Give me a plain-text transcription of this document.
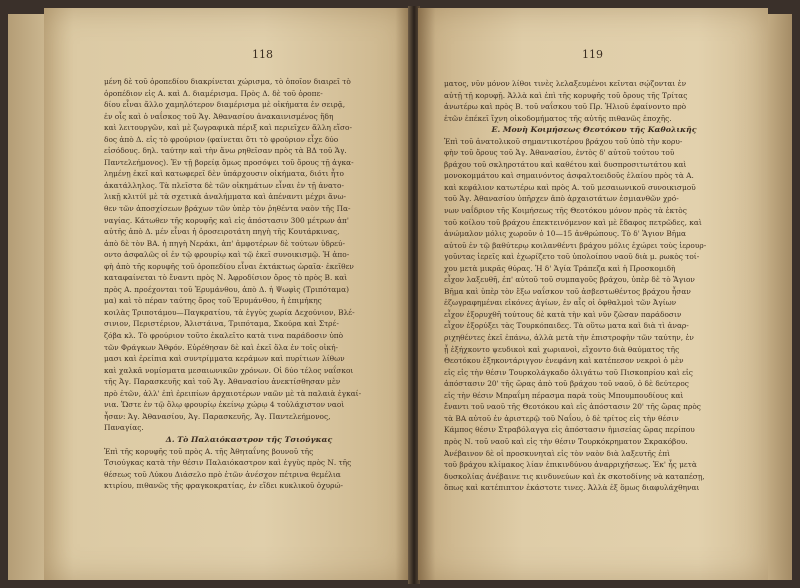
118
μένη δὲ τοῦ ὀροπεδίου διακρίνεται χώρισμα, τὸ ὁποῖον διαιρεῖ τὸ
ὀροπέδιον εἰς Α. καὶ Δ. διαμέρισμα. Πρὸς Δ. δὲ τοῦ ὀροπε-
δίου εἶναι ἄλλο χαμηλότερον διαμέρισμα μὲ οἰκήματα ἐν σειρᾷ,
ἐν οἷς καὶ ὁ ναΐσκος τοῦ Ἁγ. Ἀθανασίου ἀνακαινισμένος ἤδη
καὶ λειτουργῶν, καὶ μὲ ζωγραφικὰ πέριξ καὶ περιεῖχεν ἄλλη εἴσο-
δος ἀπὸ Δ. εἰς τὸ φρούριον (φαίνεται ὅτι τὸ φρούριον εἶχε δύο
εἰσόδους. δηλ. ταύτην καὶ τὴν ἄνω ρηθεῖσαν πρὸς τὰ ΒΔ τοῦ Ἁγ.
Παντελεήμονος). Ἐν τῇ βορείᾳ ὅμως προσόψει τοῦ ὄρους τῇ ἀγκα-
λημένῃ ἐκεῖ καὶ κατωφερεῖ δὲν ὑπάρχουσιν οἰκήματα, διότι ἦτο
ἀκατάλληλος. Τὰ πλεῖστα δὲ τῶν οἰκημάτων εἶναι ἐν τῇ ἀνατο-
λικῇ κλιτύϊ μὲ τὰ σχετικὰ ἀναλήμματα καὶ ἀπέναντι μέχρι ἄνω-
θεν τῶν ἀποσχίσεων βράχων τῶν ὑπὲρ τὸν ῥηθέντα ναὸν τῆς Πα-
ναγίας. Κάτωθεν τῆς κορυφῆς καὶ εἰς ἀπόστασιν 300 μέτρων ἀπ'
αὐτῆς ἀπὸ Δ. μέν εἶναι ἡ ὀροσειροτάτη πηγὴ τῆς Κουτάρκινας,
ἀπὸ δὲ τὸν ΒΑ. ἡ πηγὴ Νεράκι, ἀπ' ἀμφοτέρων δὲ τούτων ὑδρεύ-
οντο ἀσφαλῶς οἱ ἐν τῷ φρουρίῳ καὶ τῷ ἐκεῖ συνοικισμῷ. Ἡ ἀπο-
φὴ ἀπὸ τῆς κορυφῆς τοῦ ὀροπεδίου εἶναι ἐκτάκτως ὡραῖα· ἐκεῖθεν
καταφαίνεται τὸ ἔναντι πρὸς Ν. Ἀφροδίσιον ὄρος τὸ πρὸς Β. καὶ
πρὸς Α. προέχονται τοῦ Ἐρυμάνθου, ἀπὸ Δ. ἡ Ψωφὶς (Τριπόταμα)
μα) καὶ τὸ πέραν ταύτης ὄρος τοῦ Ἐρυμάνθου, ἡ ἐπιμήκης
κοιλὰς Τριποτάμου—Παγκρατίου, τὰ ἐγγὺς χωρία Δεχούνιον, Βλέ-
σινιον, Περιστέριον, Ἁλιστάινα, Τριπόταμα, Σκούρα καὶ Στρέ-
ζόβα κλ. Τὸ φρούριον τοῦτο ἐκαλεῖτο κατὰ τινα παράδοσιν ὑπὸ
τῶν Φράγκων Ἀθφόν. Εὑρέθησαν δὲ καὶ ἐκεῖ ὅλα ἐν τοῖς οἰκή-
μασι καὶ ἐρείπια καὶ συντρίμματα κεράμων καὶ πυρίτιων λίθων
καὶ χαλκᾶ νομίσματα μεσαιωνικῶν χρόνων. Οἱ δύο τέλος ναΐσκοι
τῆς Ἁγ. Παρασκευῆς καὶ τοῦ Ἁγ. Ἀθανασίου ἀνεκτίσθησαν μὲν
πρὸ ἐτῶν, ἀλλ' ἐπὶ ἐρειπίων ἀρχαιοτέρων ναῶν μὲ τὰ παλαιὰ ἐγκαί-
νια. Ὥστε ἐν τῷ ὅλῳ φρουρίῳ ἐκείνῳ χώρῳ 4 τοὐλάχιστον ναοὶ
ἦσαν: Ἁγ. Ἀθανασίου, Ἁγ. Παρασκευῆς, Ἁγ. Παντελεήμονος,
Παναγίας.
Δ. Τὸ Παλαιόκαστρον τῆς Τσιούγκας
Ἐπὶ τῆς κορυφῆς τοῦ πρὸς Α. τῆς Ἀθηταΐνης βουνοῦ τῆς
Τσιούγκας κατὰ τὴν θέσιν Παλαιόκαστρον καὶ ἐγγὺς πρὸς Ν. τῆς
θέσεως τοῦ Λύκου Διάσελο πρὸ ἐτῶν ἀνέσχον πέτρινα θεμέλια
κτιρίου, πιθανῶς τῆς φραγκοκρατίας, ἐν εἴδει κυκλικοῦ ὀχυρώ-
119
ματος, νῦν μόνον λίθοι τινὲς λελαξευμένοι κεῖνται σῴζονται ἐν
αὐτῇ τῇ κορυφῇ. Ἀλλὰ καὶ ἐπὶ τῆς κορυφῆς τοῦ ὄρους τῆς Τρίτας
ἀνωτέρω καὶ πρὸς Β. τοῦ ναΐσκου τοῦ Πρ. Ἠλιοῦ ἐφαίνοντο πρὸ
ἐτῶν ἐπέκεῖ ἴχνη οἰκοδομήματος τῆς αὐτῆς πιθανῶς ἐποχῆς.
Ε. Μονὴ Κοιμήσεως Θεοτόκου τῆς Καθολικῆς
Ἐπὶ τοῦ ἀνατολικοῦ σημαντικοτέρου βράχου τοῦ ὑπὸ τὴν κορυ-
φὴν τοῦ ὄρους τοῦ Ἁγ. Ἀθανασίου, ἐντὸς δ' αὐτοῦ τούτου τοῦ
βράχου τοῦ σκληροτάτου καὶ καθέτου καὶ δυσπροσιτωτάτου καὶ
μονοκομμάτου καὶ σημαινόντος ἀσφαλτοειδοῦς ἐλαίου πρὸς τὰ Α.
καὶ κεφάλιον κατωτέρω καὶ πρὸς Α. τοῦ μεσαιωνικοῦ συνοικισμοῦ
τοῦ Ἁγ. Ἀθανασίου ὑπῆρχεν ἀπὸ ἀρχαιοτάτων ἐσμιανθῶν χρό-
νων ναΐδριον τῆς Κοιμήσεως τῆς Θεοτόκου μόνον πρὸς τὰ ἐκτὸς
τοῦ κοίλου τοῦ βράχου ἐπεκτεινόμενον καὶ μὲ ἔδαφος πετρῶδες, καὶ
ἀνώμαλον μόλις χωροῦν ὁ 10—15 ἀνθρώπους. Τὸ δ' Ἅγιον Βῆμα
αὐτοῦ ἐν τῷ βαθύτερῳ κοιλανθέντι βράχου μόλις ἐχώρει τοὺς ἱερουρ-
γοῦντας ἱερεῖς καὶ ἐχωρίζετο τοῦ ὑπολοίπου ναοῦ διὰ μ. ρωκὸς τοί-
χου μετὰ μικρᾶς θύρας. Ἡ δ' Ἁγία Τράπεζα καὶ ἡ Προσκομιδὴ
εἶχον λαξευθῆ, ἐπ' αὐτοῦ τοῦ συμπαγοῦς βράχου, ὑπὲρ δὲ τὸ Ἅγιον
Βῆμα καὶ ὑπὲρ τὸν ἔξω ναΐσκον τοῦ ἀσβεστωθέντος βράχου ἦσαν
ἐζωγραφημέναι εἰκόνες ἁγίων, ἐν αἷς οἱ ὀφθαλμοὶ τῶν Ἁγίων
εἶχον ἐξορυχθῆ τούτους δὲ κατὰ τὴν καὶ νῦν ζῶσαν παράδοσιν
εἶχον ἐξορύξει τὰς Τουρκόπαιδες. Τὰ οὕτω ματα καὶ διὰ τὶ ἀναρ-
ριχηθέντες ἐκεῖ ἐπάνω, ἀλλὰ μετὰ τὴν ἐπιστροφὴν τῶν ταύτην, ἐν
ᾗ ἐξήχκοντο ψευδικοὶ καὶ χωριανοὶ, εἴχοντο διὰ θαύματος τῆς
Θεοτόκου ἐξηκοντάριγγον ἐνεφάνη καὶ κατέπεσον νεκροὶ ὁ μὲν
εἰς εἰς τὴν θέσιν Τουρκολάγκαδο ὀλιγάτω τοῦ Πισκοπρίου καὶ εἰς
ἀπόστασιν 20' τῆς ὥρας ἀπὸ τοῦ βράχου τοῦ ναοῦ, ὁ δὲ δεύτερος
εἰς τὴν θέσιν Μπραΐμη πέρασμα παρὰ τοὺς Μπουμπουδίους καὶ
ἔναντι τοῦ ναοῦ τῆς Θεοτόκου καὶ εἰς ἀπόστασιν 20' τῆς ὥρας πρὸς
τὰ ΒΑ αὐτοῦ ἐν ἀριστερῷ τοῦ Ναΐου, ὁ δὲ τρίτος εἰς τὴν θέσιν
Κάμπος θέσιν Στραβόλαγγα εἰς ἀπόστασιν ἡμισείας ὥρας περίπου
πρὸς Ν. τοῦ ναοῦ καὶ εἰς τὴν θέσιν Τουρκόκρηματον Σκρακόβου.
Ἀνέβαινον δὲ οἱ προσκυνηταὶ εἰς τὸν ναὸν διὰ λαξευτῆς ἐπὶ
τοῦ βράχου κλίμακος λίαν ἐπικινδύνου ἀναρριχήσεως. Ἐκ' ἧς μετὰ
δυσκολίας ἀνέβαινε τις κινδυνεύων καὶ ἐκ σκοτοδίνης νὰ καταπέσῃ,
ὅπως καὶ κατέπιπτον ἑκάστοτε τινες. Ἀλλὰ ἐξ ὅμως διαφυλάχθηναι
